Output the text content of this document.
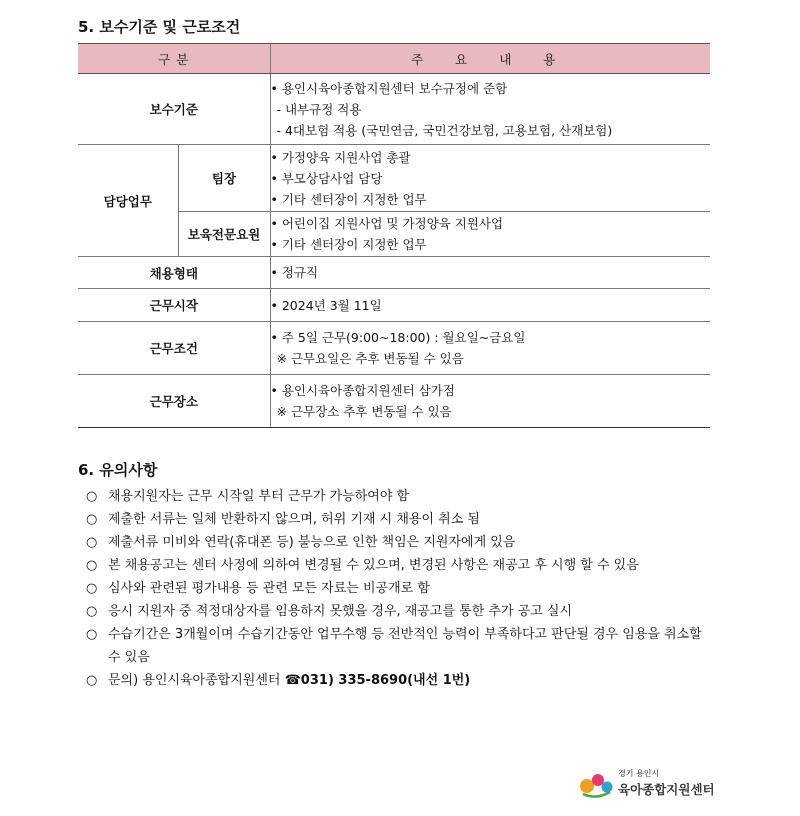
5. 보수기준 및 근로조건
구 분		주 요 내 용
보수기준		• 용인시육아종합지원센터 보수규정에 준함
- 내부규정 적용
- 4대보험 적용 (국민연금, 국민건강보험, 고용보험, 산재보험)

담당업무	팀장	• 가정양육 지원사업 총괄
• 부모상담사업 담당
• 기타 센터장이 지정한 업무

	보육전문요원	• 어린이집 지원사업 및 가정양육 지원사업
• 기타 센터장이 지정한 업무

채용형태		• 정규직

근무시작		• 2024년 3월 11일

근무조건		• 주 5일 근무(9:00~18:00) : 월요일~금요일
※ 근무요일은 추후 변동될 수 있음

근무장소		• 용인시육아종합지원센터 삼가점
※ 근무장소 추후 변동될 수 있음
6. 유의사항
○ 채용지원자는 근무 시작일 부터 근무가 가능하여야 함
○ 제출한 서류는 일체 반환하지 않으며, 허위 기재 시 채용이 취소 됨
○ 제출서류 미비와 연락(휴대폰 등) 불능으로 인한 책임은 지원자에게 있음
○ 본 채용공고는 센터 사정에 의하여 변경될 수 있으며, 변경된 사항은 재공고 후 시행 할 수 있음
○ 심사와 관련된 평가내용 등 관련 모든 자료는 비공개로 함
○ 응시 지원자 중 적정대상자를 임용하지 못했을 경우, 재공고를 통한 추가 공고 실시
○ 수습기간은 3개월이며 수습기간동안 업무수행 등 전반적인 능력이 부족하다고 판단될 경우 임용을 취소할 수 있음
○ 문의) 용인시육아종합지원센터 ☎031) 335-8690(내선 1번)
경기 용인시
육아종합지원센터
